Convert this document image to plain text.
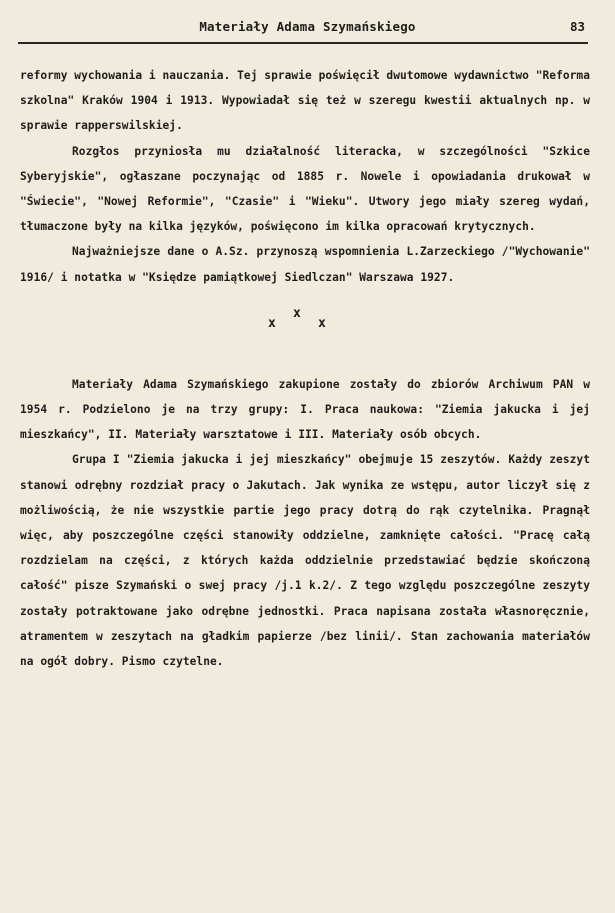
Materiały Adama Szymańskiego	83

reformy wychowania i nauczania. Tej sprawie poświęcił dwutomowe wydawnictwo "Reforma szkolna" Kraków 1904 i 1913. Wypowiadał się też w szeregu kwestii aktualnych np. w sprawie rapperswilskiej.

Rozgłos przyniosła mu działalność literacka, w szczególności "Szkice Syberyjskie", ogłaszane poczynając od 1885 r. Nowele i opowiadania drukował w "Świecie", "Nowej Reformie", "Czasie" i "Wieku". Utwory jego miały szereg wydań, tłumaczone były na kilka języków, poświęcono im kilka opracowań krytycznych.

Najważniejsze dane o A.Sz. przynoszą wspomnienia L.Zarzeckiego /"Wychowanie" 1916/ i notatka w "Księdze pamiątkowej Siedlczan" Warszawa 1927.

x
x
x

Materiały Adama Szymańskiego zakupione zostały do zbiorów Archiwum PAN w 1954 r. Podzielono je na trzy grupy: I. Praca naukowa: "Ziemia jakucka i jej mieszkańcy", II. Materiały warsztatowe i III. Materiały osób obcych.

Grupa I "Ziemia jakucka i jej mieszkańcy" obejmuje 15 zeszytów. Każdy zeszyt stanowi odrębny rozdział pracy o Jakutach. Jak wynika ze wstępu, autor liczył się z możliwością, że nie wszystkie partie jego pracy dotrą do rąk czytelnika. Pragnął więc, aby poszczególne części stanowiły oddzielne, zamknięte całości. "Pracę całą rozdzielam na części, z których każda oddzielnie przedstawiać będzie skończoną całość" pisze Szymański o swej pracy /j.1 k.2/. Z tego względu poszczególne zeszyty zostały potraktowane jako odrębne jednostki. Praca napisana została własnoręcznie, atramentem w zeszytach na gładkim papierze /bez linii/. Stan zachowania materiałów na ogół dobry. Pismo czytelne.
